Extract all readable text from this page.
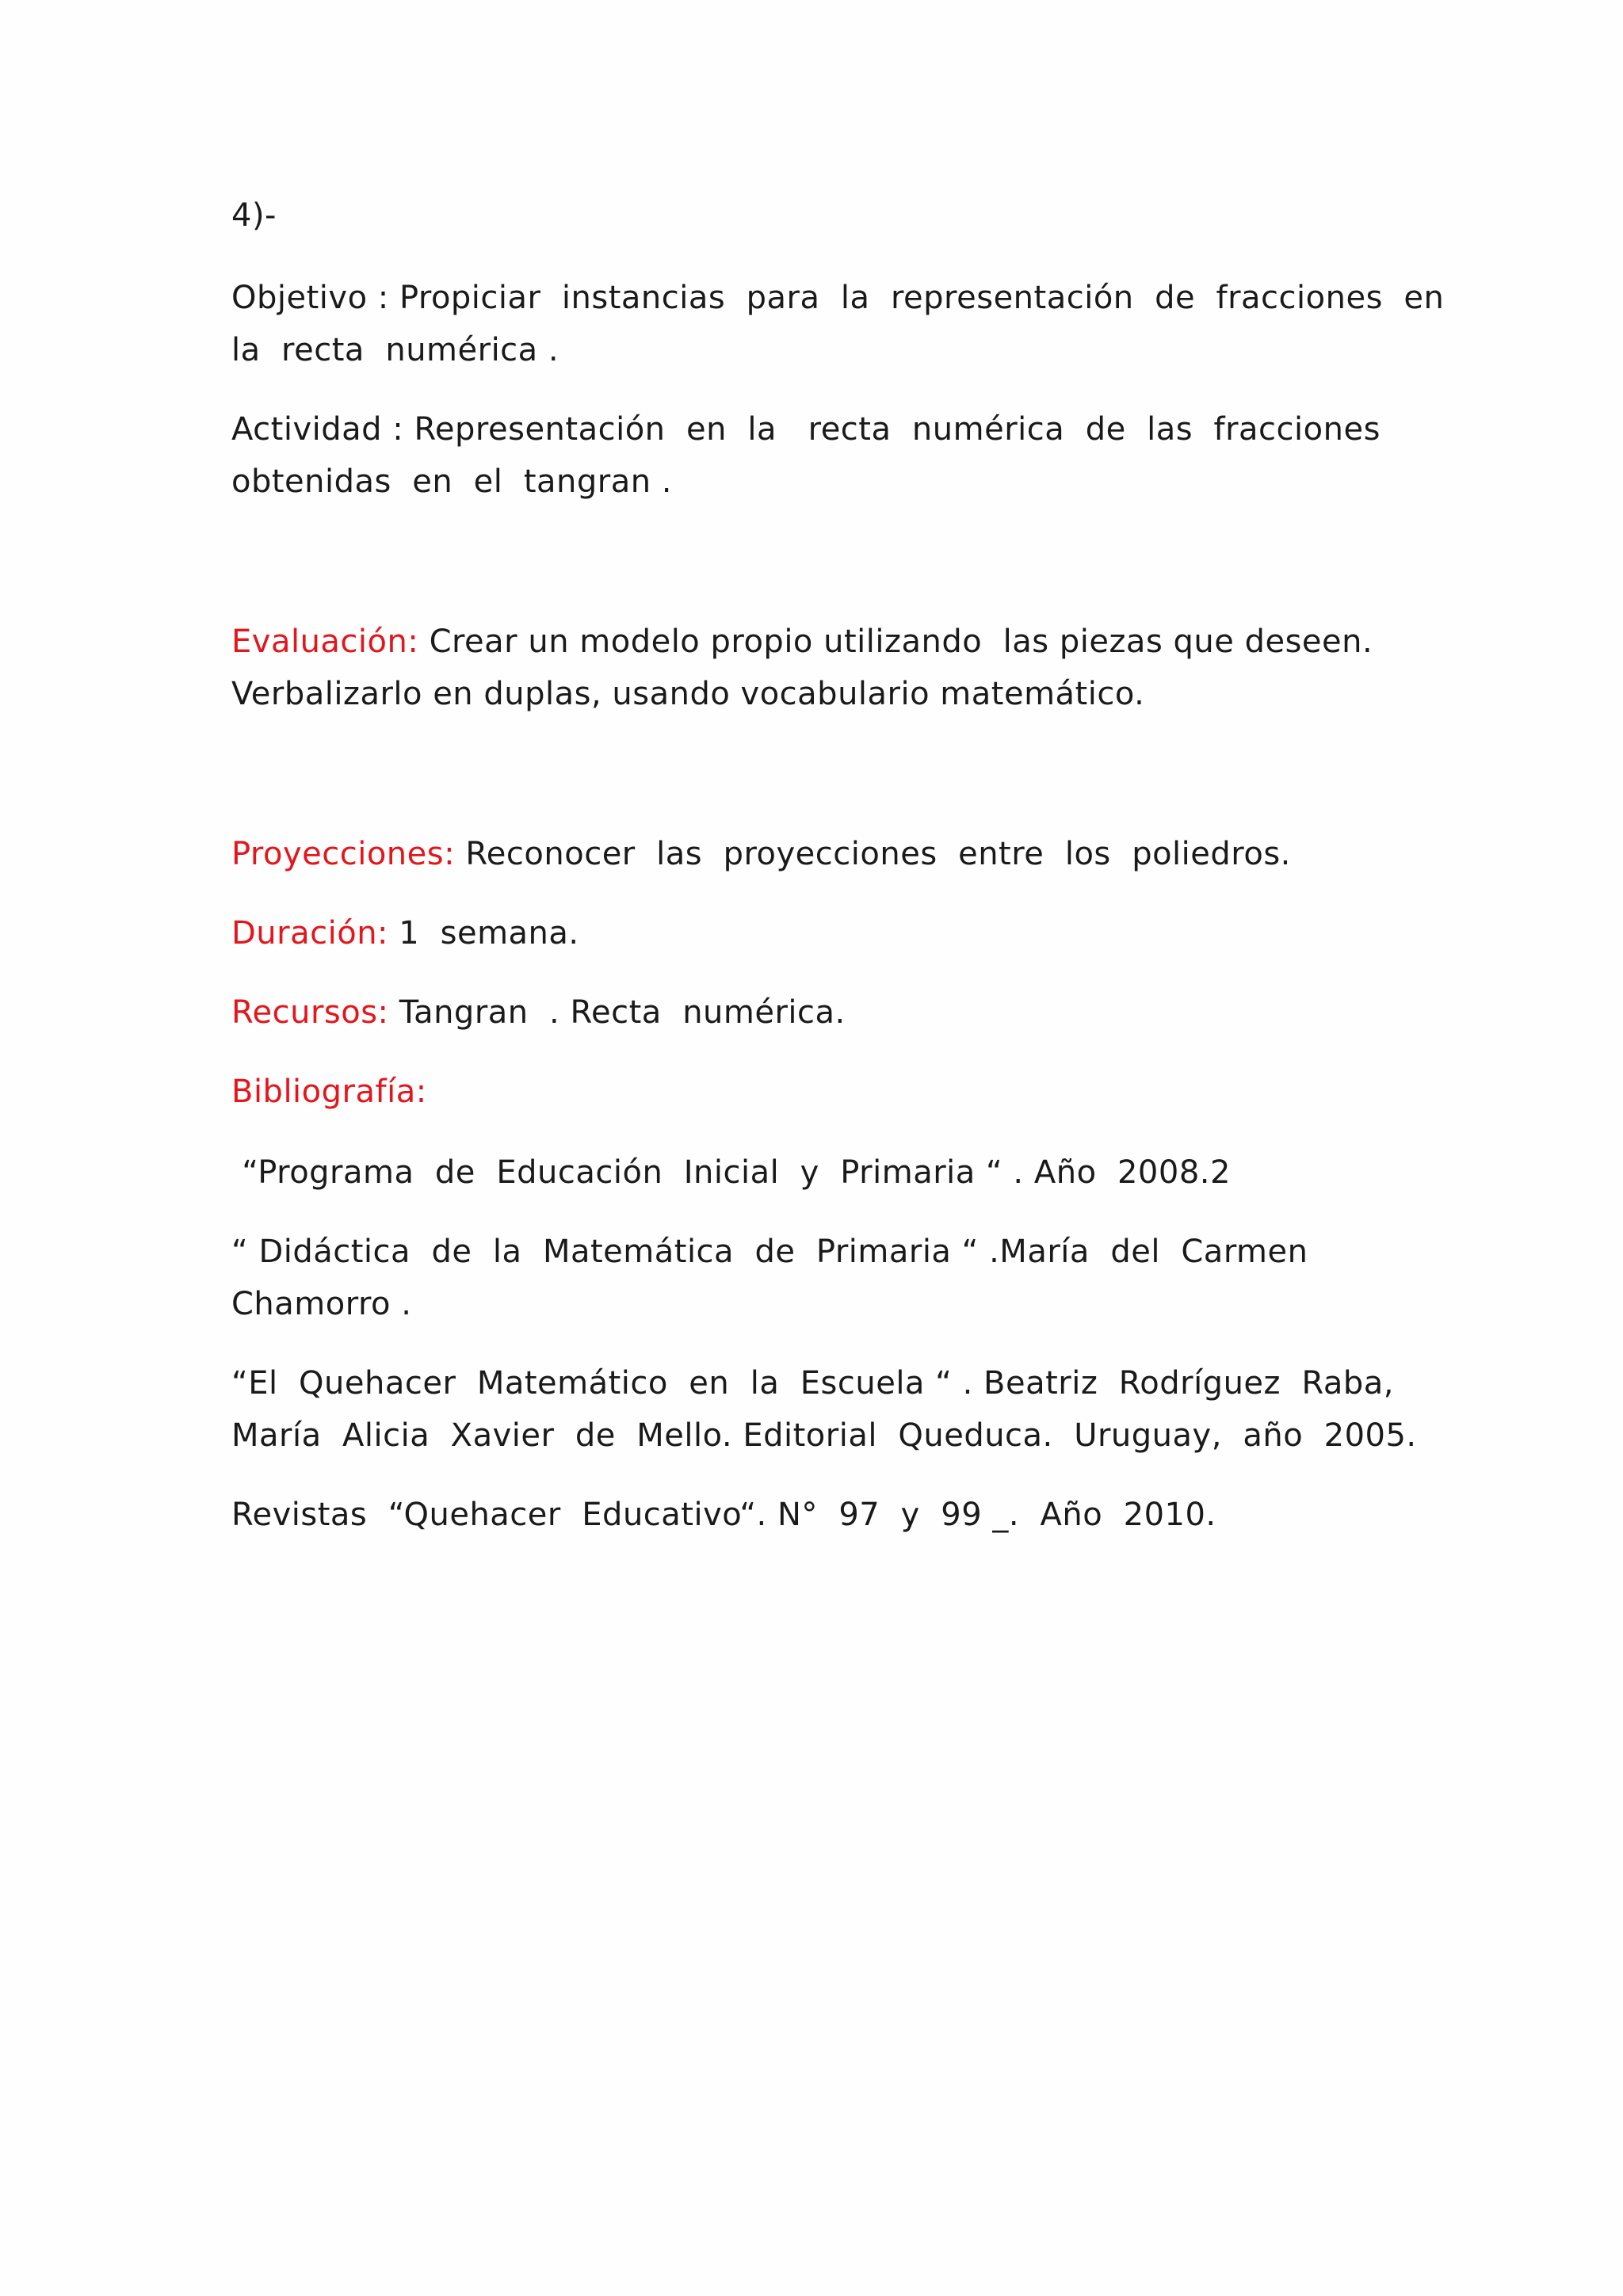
4)-
Objetivo : Propiciar  instancias  para  la  representación  de  fracciones  en
la  recta  numérica .
Actividad : Representación  en  la   recta  numérica  de  las  fracciones
obtenidas  en  el  tangran .
Evaluación: Crear un modelo propio utilizando  las piezas que deseen.
Verbalizarlo en duplas, usando vocabulario matemático.
Proyecciones: Reconocer  las  proyecciones  entre  los  poliedros.
Duración: 1  semana.
Recursos: Tangran  . Recta  numérica.
Bibliografía:
“Programa  de  Educación  Inicial  y  Primaria “ . Año  2008.2
“ Didáctica  de  la  Matemática  de  Primaria “ .María  del  Carmen
Chamorro .
“El  Quehacer  Matemático  en  la  Escuela “ . Beatriz  Rodríguez  Raba,
María  Alicia  Xavier  de  Mello. Editorial  Queduca.  Uruguay,  año  2005.
Revistas  “Quehacer  Educativo“. N°  97  y  99 _.  Año  2010.
